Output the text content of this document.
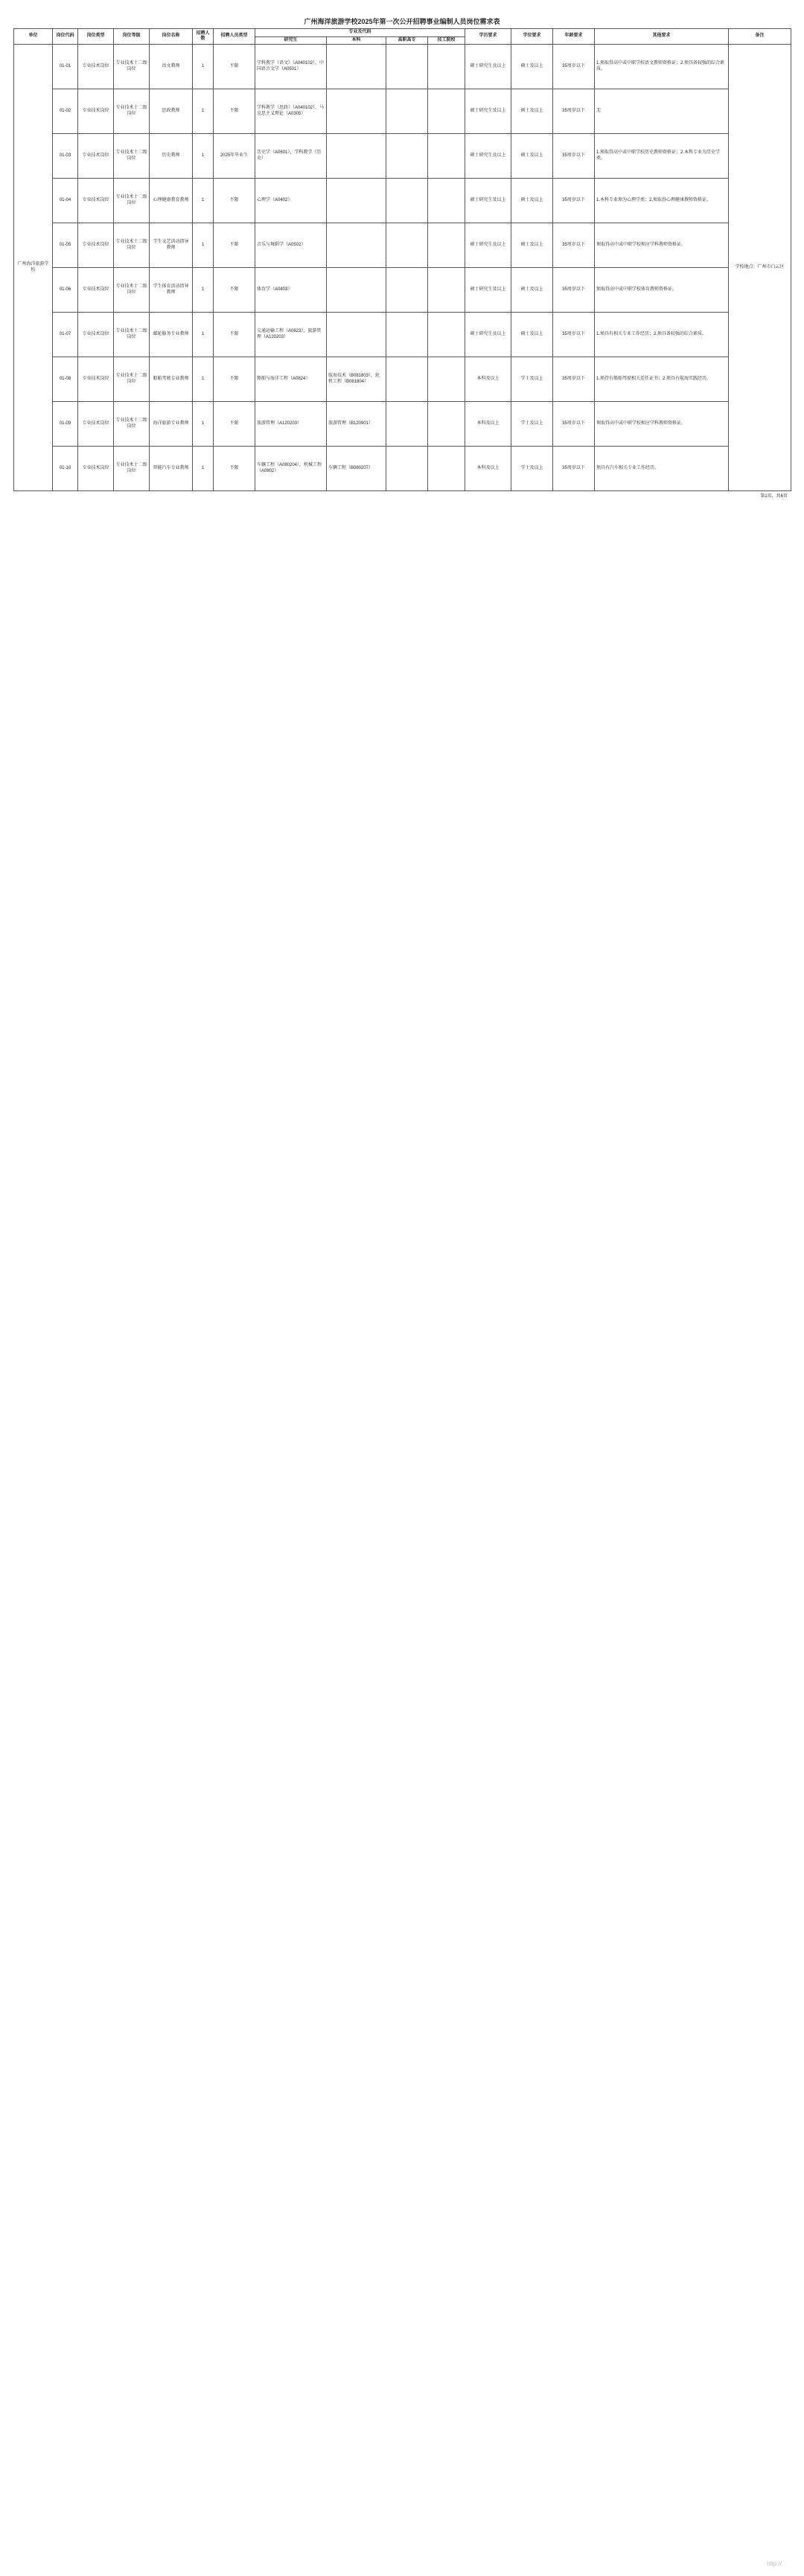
广州海洋旅游学校2025年第一次公开招聘事业编制人员岗位需求表
单位	岗位代码	岗位类型	岗位等级	岗位名称	招聘人数	招聘人员类型	专业及代码				学历要求	学位要求	年龄要求	其他要求	备注
							研究生	本科	高职高专	技工院校					
广州海洋旅游学校	01-01	专业技术岗位	专业技术十二级岗位	语文教师	1	不限	学科教学（语文）（A040102），中国语言文学（A0501）				硕士研究生及以上	硕士及以上	35周岁以下	1.须取得高中或中职学校语文教师资格证；2.须具备较强的综合素质。	学校地点：广州市白云区
	01-02	专业技术岗位	专业技术十二级岗位	思政教师	1	不限	学科教学（思政）（A040102），马克思主义理论（A0305）				硕士研究生及以上	硕士及以上	35周岁以下	无	
	01-03	专业技术岗位	专业技术十二级岗位	历史教师	1	2025年毕业生	历史学（A0601），学科教学（历史）				硕士研究生及以上	硕士及以上	35周岁以下	1.须取得高中或中职学校历史教师资格证；2.本科专业为历史学类。	
	01-04	专业技术岗位	专业技术十二级岗位	心理健康教育教师	1	不限	心理学（A0402）				硕士研究生及以上	硕士及以上	35周岁以下	1.本科专业须为心理学类；2.须取得心理健康教师资格证。	
	01-05	专业技术岗位	专业技术十二级岗位	学生文艺活动指导教师	1	不限	音乐与舞蹈学（A0502）				硕士研究生及以上	硕士及以上	35周岁以下	须取得高中或中职学校相应学科教师资格证。	
	01-06	专业技术岗位	专业技术十二级岗位	学生体育活动指导教师	1	不限	体育学（A0403）				硕士研究生及以上	硕士及以上	35周岁以下	须取得高中或中职学校体育教师资格证。	
	01-07	专业技术岗位	专业技术十二级岗位	邮轮服务专业教师	1	不限	交通运输工程（A0823），旅游管理（A120203）				硕士研究生及以上	硕士及以上	35周岁以下	1.须具有相关专业工作经历；2.须具备较强的综合素质。	
	01-08	专业技术岗位	专业技术十二级岗位	船舶驾驶专业教师	1	不限	船舶与海洋工程（A0824）	航海技术（B081803），轮机工程（B081804）			本科及以上	学士及以上	35周岁以下	1.须持有船舶驾驶相关适任证书；2.须具有航海实践经历。	
	01-09	专业技术岗位	专业技术十二级岗位	海洋旅游专业教师	1	不限	旅游管理（A120203）	旅游管理（B120901）			本科及以上	学士及以上	35周岁以下	须取得高中或中职学校相应学科教师资格证。	
	01-10	专业技术岗位	专业技术十二级岗位	智能汽车专业教师	1	不限	车辆工程（A080204），机械工程（A0802）	车辆工程（B080207）			本科及以上	学士及以上	35周岁以下	须具有汽车相关专业工作经历。	
第1页，共6页
http://
